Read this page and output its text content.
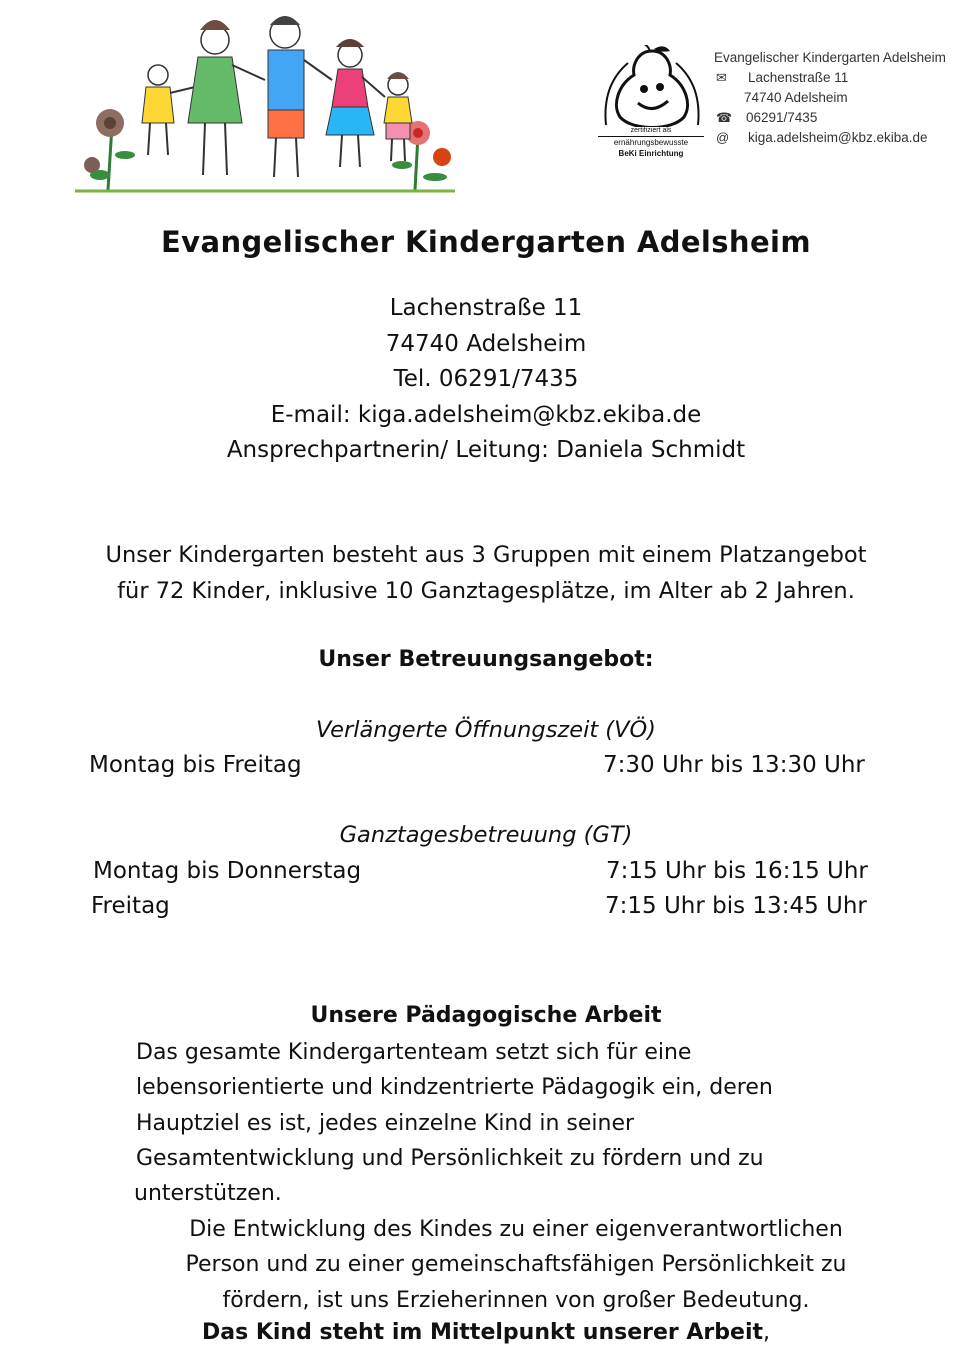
zertifiziert als
ernährungsbewusste
BeKi Einrichtung
Evangelischer Kindergarten Adelsheim
✉ Lachenstraße 11
74740 Adelsheim
☎ 06291/7435
@ kiga.adelsheim@kbz.ekiba.de
Evangelischer Kindergarten Adelsheim
Lachenstraße 11
74740 Adelsheim
Tel. 06291/7435
E-mail: kiga.adelsheim@kbz.ekiba.de
Ansprechpartnerin/ Leitung: Daniela Schmidt
Unser Kindergarten besteht aus 3 Gruppen mit einem Platzangebot
für 72 Kinder, inklusive 10 Ganztagesplätze, im Alter ab 2 Jahren.
Unser Betreuungsangebot:
Verlängerte Öffnungszeit (VÖ)
Montag bis Freitag	7:30 Uhr bis 13:30 Uhr
Ganztagesbetreuung (GT)
Montag bis Donnerstag	7:15 Uhr bis 16:15 Uhr
Freitag	7:15 Uhr bis 13:45 Uhr
Unsere Pädagogische Arbeit
Das gesamte Kindergartenteam setzt sich für eine
lebensorientierte und kindzentrierte Pädagogik ein, deren
Hauptziel es ist, jedes einzelne Kind in seiner
Gesamtentwicklung und Persönlichkeit zu fördern und zu
unterstützen.
Die Entwicklung des Kindes zu einer eigenverantwortlichen
Person und zu einer gemeinschaftsfähigen Persönlichkeit zu
fördern, ist uns Erzieherinnen von großer Bedeutung.
Das Kind steht im Mittelpunkt unserer Arbeit,
